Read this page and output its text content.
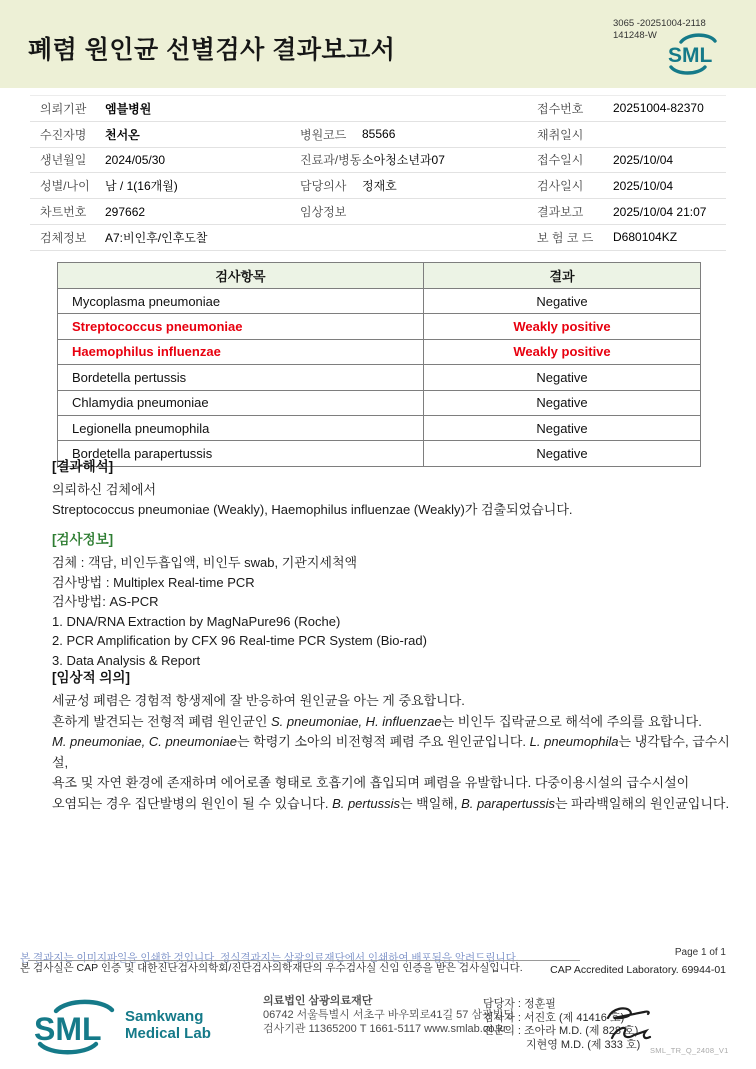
폐렴 원인균 선별검사 결과보고서
3065 -20251004-2118
141248-W
SML
의뢰기관	엠블병원	접수번호	20251004-82370
수진자명	천서온	병원코드	85566	채취일시
생년월일	2024/05/30	진료과/병동 소아청소년과07	접수일시	2025/10/04
성별/나이	남 / 1(16개월)	담당의사	정재호	검사일시	2025/10/04
차트번호	297662	임상정보	결과보고	2025/10/04 21:07
검체정보	A7:비인후/인후도찰	보 험 코 드	D680104KZ
검사항목	결과
Mycoplasma pneumoniae	Negative
Streptococcus pneumoniae	Weakly positive
Haemophilus influenzae	Weakly positive
Bordetella pertussis	Negative
Chlamydia pneumoniae	Negative
Legionella pneumophila	Negative
Bordetella parapertussis	Negative
[결과해석]
의뢰하신 검체에서
Streptococcus pneumoniae (Weakly), Haemophilus influenzae (Weakly)가 검출되었습니다.
[검사정보]
검체 : 객담, 비인두흡입액, 비인두 swab, 기관지세척액
검사방법 : Multiplex Real-time PCR
검사방법: AS-PCR
1. DNA/RNA Extraction by MagNaPure96 (Roche)
2. PCR Amplification by CFX 96 Real-time PCR System (Bio-rad)
3. Data Analysis & Report
[임상적 의의]
세균성 폐렴은 경험적 항생제에 잘 반응하여 원인균을 아는 게 중요합니다.
흔하게 발견되는 전형적 폐렴 원인균인 S. pneumoniae, H. influenzae는 비인두 집락균으로 해석에 주의를 요합니다.
M. pneumoniae, C. pneumoniae는 학령기 소아의 비전형적 폐렴 주요 원인균입니다. L. pneumophila는 냉각탑수, 급수시설,
욕조 및 자연 환경에 존재하며 에어로졸 형태로 호흡기에 흡입되며 폐렴을 유발합니다. 다중이용시설의 급수시설이
오염되는 경우 집단발병의 원인이 될 수 있습니다. B. pertussis는 백일해, B. parapertussis는 파라백일해의 원인균입니다.
본 결과지는 이미지파일을 인쇄한 것입니다. 정식결과지는 삼광의료재단에서 인쇄하여 배포됨을 알려드립니다.
본 검사실은 CAP 인증 및 대한진단검사의학회/진단검사의학재단의 우수검사실 신임 인증을 받은 검사실입니다.
Page 1 of 1
CAP Accredited Laboratory. 69944-01
SML Samkwang
Medical Lab
의료법인 삼광의료재단
06742 서울특별시 서초구 바우뫼로41길 57 삼광빌딩
검사기관 11365200 T 1661-5117 www.smlab.co.kr
담당자 : 정훈필
검사자 : 서진호 (제 41416 호)
전문의 : 조아라 M.D. (제 828 호)
지현영 M.D. (제 333 호) SML_TR_Q_2408_V1
